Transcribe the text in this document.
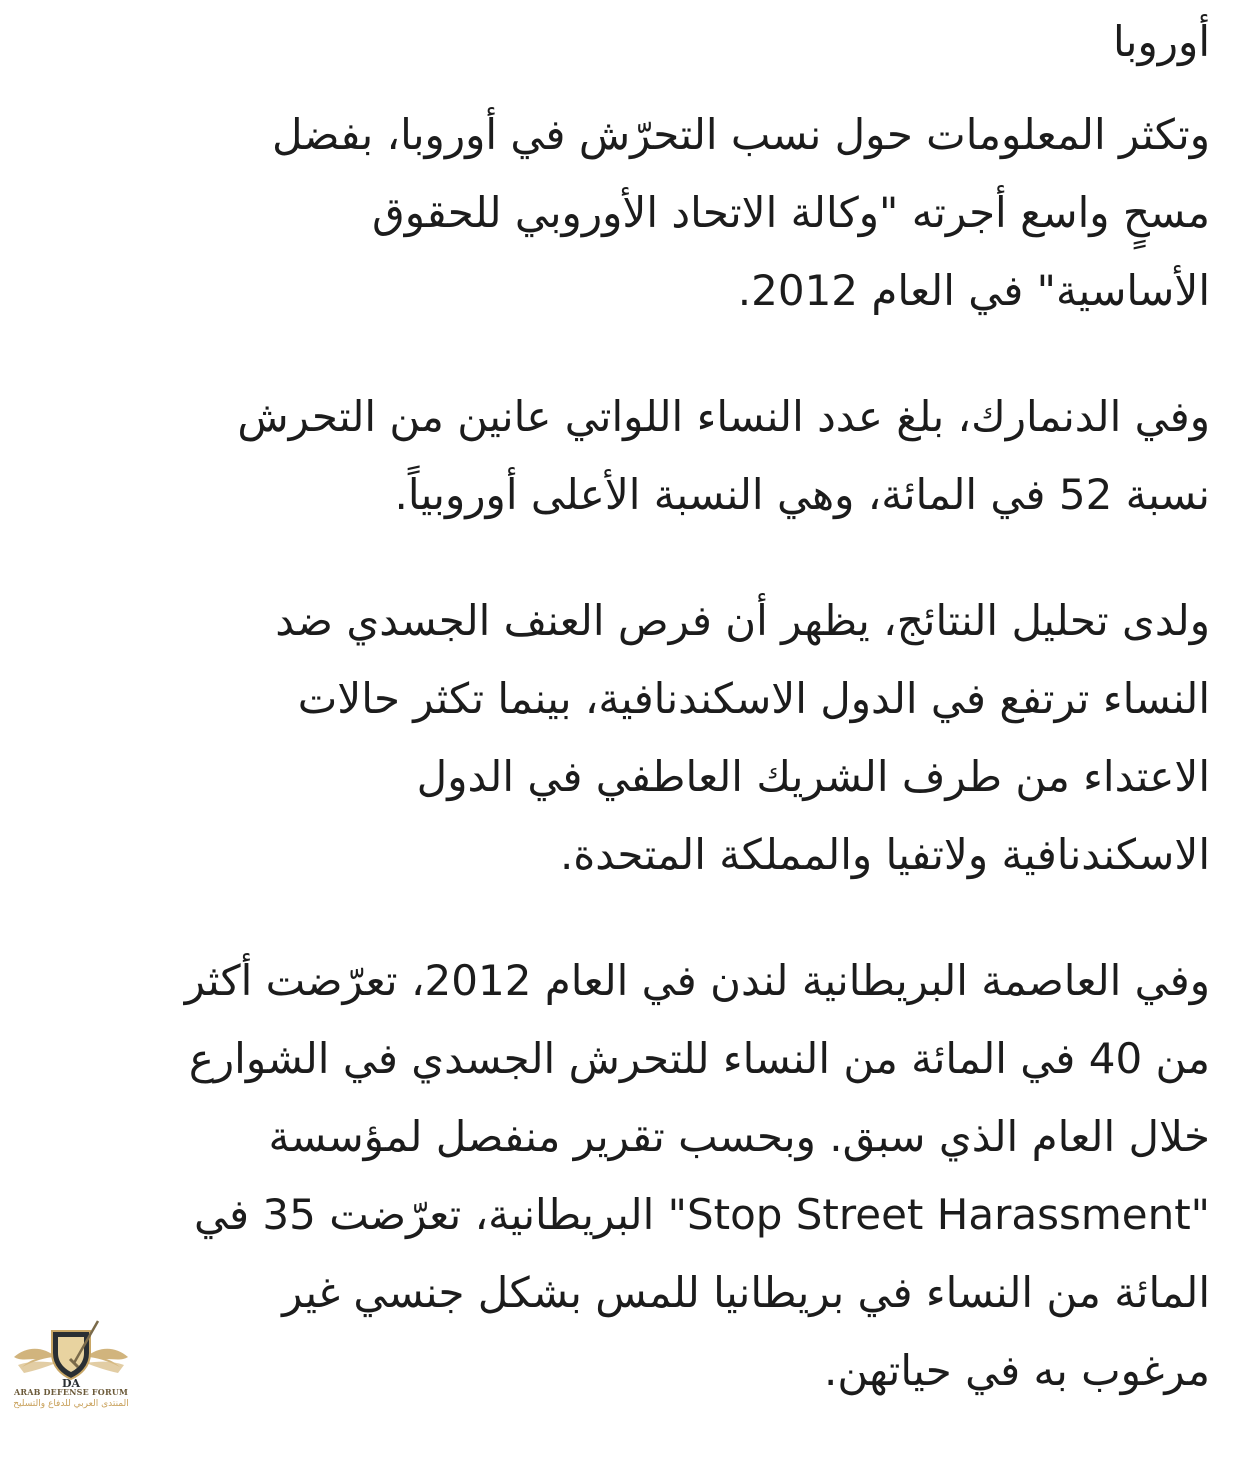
أوروبا

وتكثر المعلومات حول نسب التحرّش في أوروبا، بفضل
مسحٍ واسع أجرته "وكالة الاتحاد الأوروبي للحقوق
الأساسية" في العام 2012.

وفي الدنمارك، بلغ عدد النساء اللواتي عانين من التحرش
نسبة 52 في المائة، وهي النسبة الأعلى أوروبياً.

ولدى تحليل النتائج، يظهر أن فرص العنف الجسدي ضد
النساء ترتفع في الدول الاسكندنافية، بينما تكثر حالات
الاعتداء من طرف الشريك العاطفي في الدول
الاسكندنافية ولاتفيا والمملكة المتحدة.

وفي العاصمة البريطانية لندن في العام 2012، تعرّضت أكثر
من 40 في المائة من النساء للتحرش الجسدي في الشوارع
خلال العام الذي سبق. وبحسب تقرير منفصل لمؤسسة
"Stop Street Harassment" البريطانية، تعرّضت 35 في
المائة من النساء في بريطانيا للمس بشكل جنسي غير
مرغوب به في حياتهن.

DA
ARAB DEFENSE FORUM
المنتدى العربي للدفاع والتسليح
